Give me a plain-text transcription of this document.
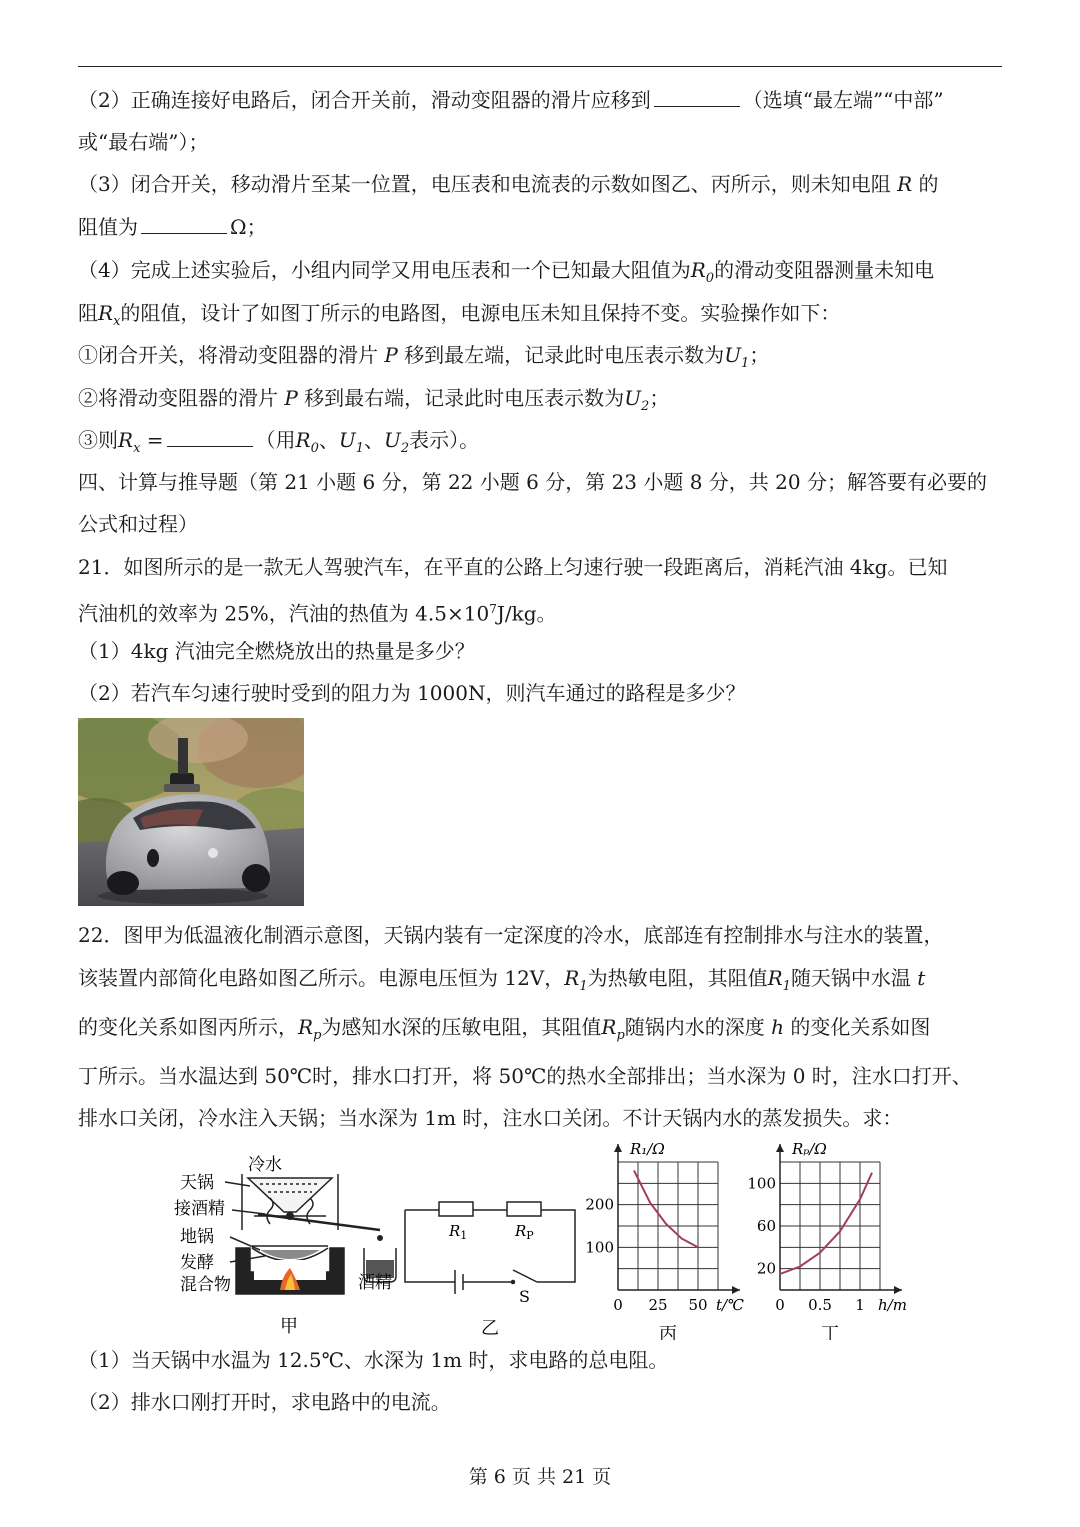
（2）正确连接好电路后，闭合开关前，滑动变阻器的滑片应移到	（选填“最左端”“中部”
或“最右端”）；
（3）闭合开关，移动滑片至某一位置，电压表和电流表的示数如图乙、丙所示，则未知电阻 R 的
阻值为	Ω；
（4）完成上述实验后，小组内同学又用电压表和一个已知最大阻值为$R_0$的滑动变阻器测量未知电
阻$R_x$的阻值，设计了如图丁所示的电路图，电源电压未知且保持不变。实验操作如下：
①闭合开关，将滑动变阻器的滑片 P 移到最左端，记录此时电压表示数为$U_1$；
②将滑动变阻器的滑片 P 移到最右端，记录此时电压表示数为$U_2$；
③则$R_x$ =	（用$R_0$、$U_1$、$U_2$表示）。
四、计算与推导题（第 21 小题 6 分，第 22 小题 6 分，第 23 小题 8 分，共 20 分；解答要有必要的
公式和过程）
21．如图所示的是一款无人驾驶汽车，在平直的公路上匀速行驶一段距离后，消耗汽油 4kg。已知
汽油机的效率为 25%，汽油的热值为 $4.5\times 10^7J/kg$。
（1）4kg 汽油完全燃烧放出的热量是多少？
（2）若汽车匀速行驶时受到的阻力为 1000N，则汽车通过的路程是多少？
22．图甲为低温液化制酒示意图，天锅内装有一定深度的冷水，底部连有控制排水与注水的装置，
该装置内部简化电路如图乙所示。电源电压恒为 12V，$R_1$为热敏电阻，其阻值$R_1$随天锅中水温 t
的变化关系如图丙所示，$R_p$为感知水深的压敏电阻，其阻值$R_p$随锅内水的深度 h 的变化关系如图
丁所示。当水温达到 50℃时，排水口打开，将 50℃的热水全部排出；当水深为 0 时，注水口打开、
排水口关闭，冷水注入天锅；当水深为 1m 时，注水口关闭。不计天锅内水的蒸发损失。求：
冷水
天锅
接酒精
地锅
发酵
混合物	酒精
甲
$R_1$	$R_P$
S
乙
R₁/Ω
t/℃
0 25 50
100
200
丙
Rₚ/Ω
h/m
0 0.5 1
20
60
100
丁
（1）当天锅中水温为 12.5℃、水深为 1m 时，求电路的总电阻。
（2）排水口刚打开时，求电路中的电流。
第 6 页 共 21 页
